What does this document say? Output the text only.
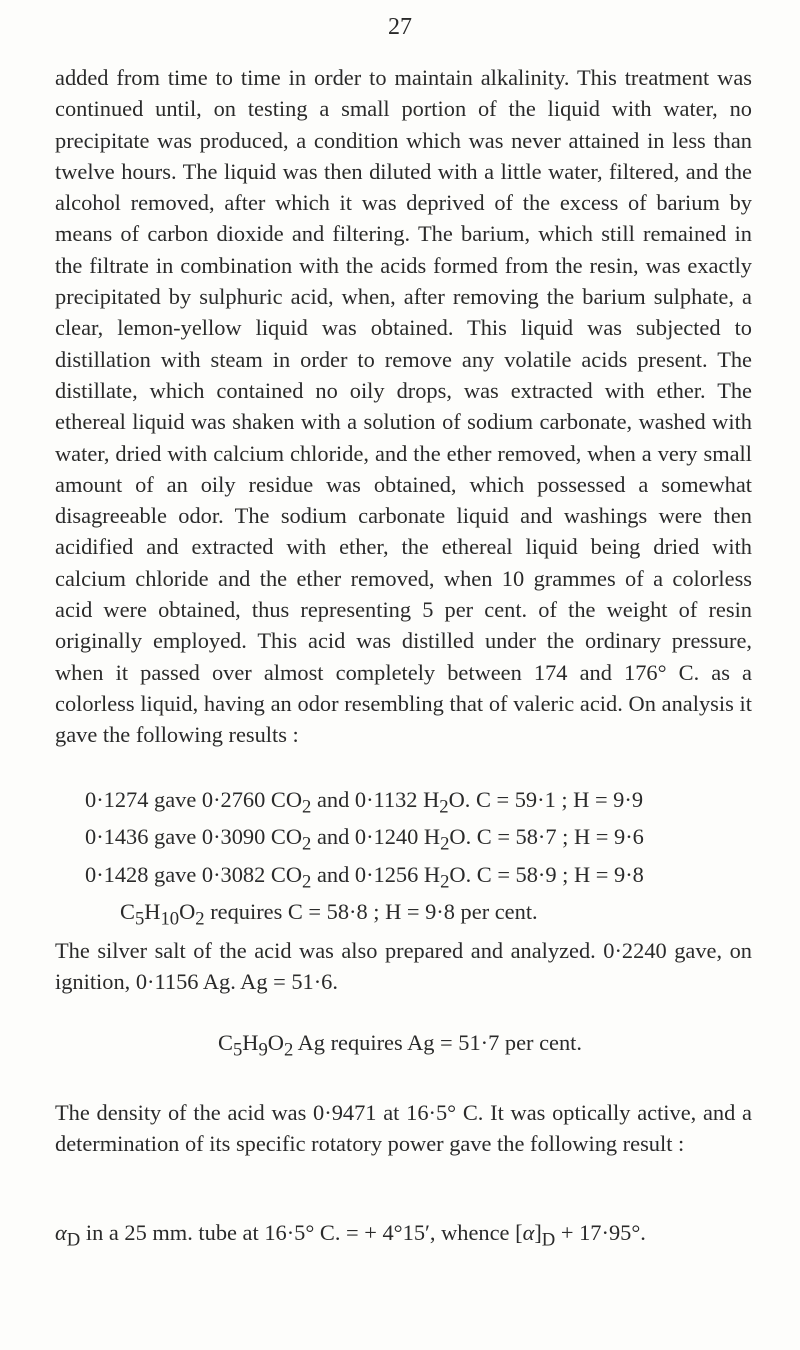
27

added from time to time in order to maintain alkalinity. This treatment was continued until, on testing a small portion of the liquid with water, no precipitate was produced, a condition which was never attained in less than twelve hours. The liquid was then diluted with a little water, filtered, and the alcohol removed, after which it was deprived of the excess of barium by means of carbon dioxide and filtering. The barium, which still remained in the filtrate in combination with the acids formed from the resin, was exactly precipitated by sulphuric acid, when, after removing the barium sulphate, a clear, lemon-yellow liquid was obtained. This liquid was subjected to distillation with steam in order to remove any volatile acids present. The distillate, which contained no oily drops, was extracted with ether. The ethereal liquid was shaken with a solution of sodium carbonate, washed with water, dried with calcium chloride, and the ether removed, when a very small amount of an oily residue was obtained, which possessed a somewhat disagreeable odor. The sodium carbonate liquid and washings were then acidified and extracted with ether, the ethereal liquid being dried with calcium chloride and the ether removed, when 10 grammes of a colorless acid were obtained, thus representing 5 per cent. of the weight of resin originally employed. This acid was distilled under the ordinary pressure, when it passed over almost completely between 174 and 176° C. as a colorless liquid, having an odor resembling that of valeric acid. On analysis it gave the following results :

0·1274 gave 0·2760 $CO_2$ and 0·1132 $H_2O$. C = 59·1 ; H = 9·9
0·1436 gave 0·3090 $CO_2$ and 0·1240 $H_2O$. C = 58·7 ; H = 9·6
0·1428 gave 0·3082 $CO_2$ and 0·1256 $H_2O$. C = 58·9 ; H = 9·8
$C_5H_{10}O_2$ requires C = 58·8 ; H = 9·8 per cent.

The silver salt of the acid was also prepared and analyzed. 0·2240 gave, on ignition, 0·1156 Ag. Ag = 51·6.

$C_5H_9O_2$ Ag requires Ag = 51·7 per cent.

The density of the acid was 0·9471 at 16·5° C. It was optically active, and a determination of its specific rotatory power gave the following result :

$\alpha_D$ in a 25 mm. tube at 16·5° C. = + 4°15′, whence $[\alpha]_D + 17\cdot 95^\circ$.
